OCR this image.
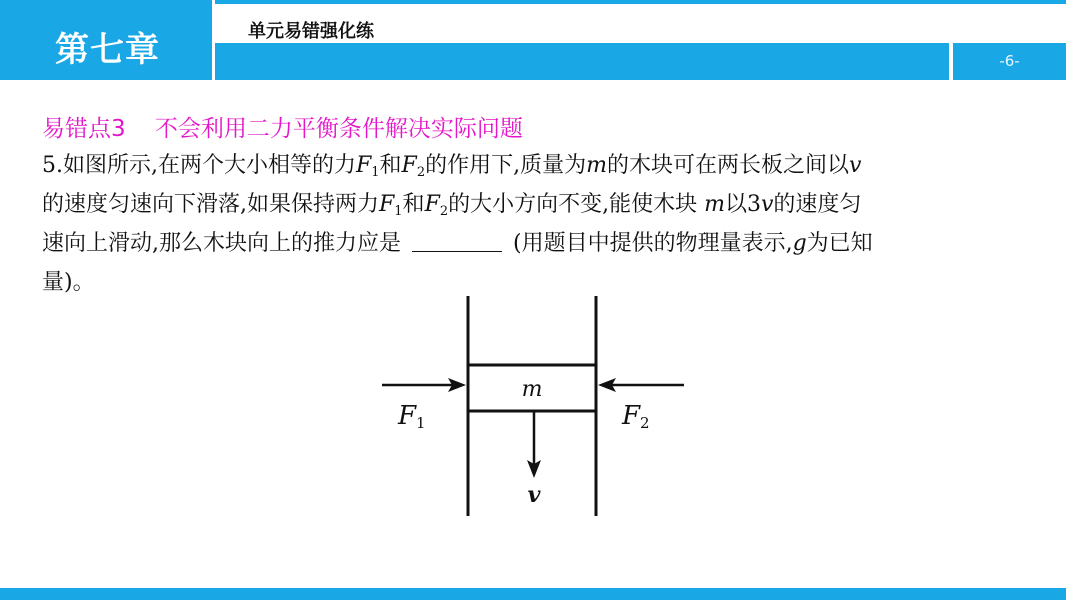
第七章	单元易错强化练
-6-
易错点3    不会利用二力平衡条件解决实际问题
5.如图所示,在两个大小相等的力$F_1$和$F_2$的作用下,质量为m的木块可在两长板之间以v
的速度匀速向下滑落,如果保持两力$F_1$和$F_2$的大小方向不变,能使木块 m以3v的速度匀
速向上滑动,那么木块向上的推力应是	(用题目中提供的物理量表示,g为已知
量)。
m
F1	F2
v
